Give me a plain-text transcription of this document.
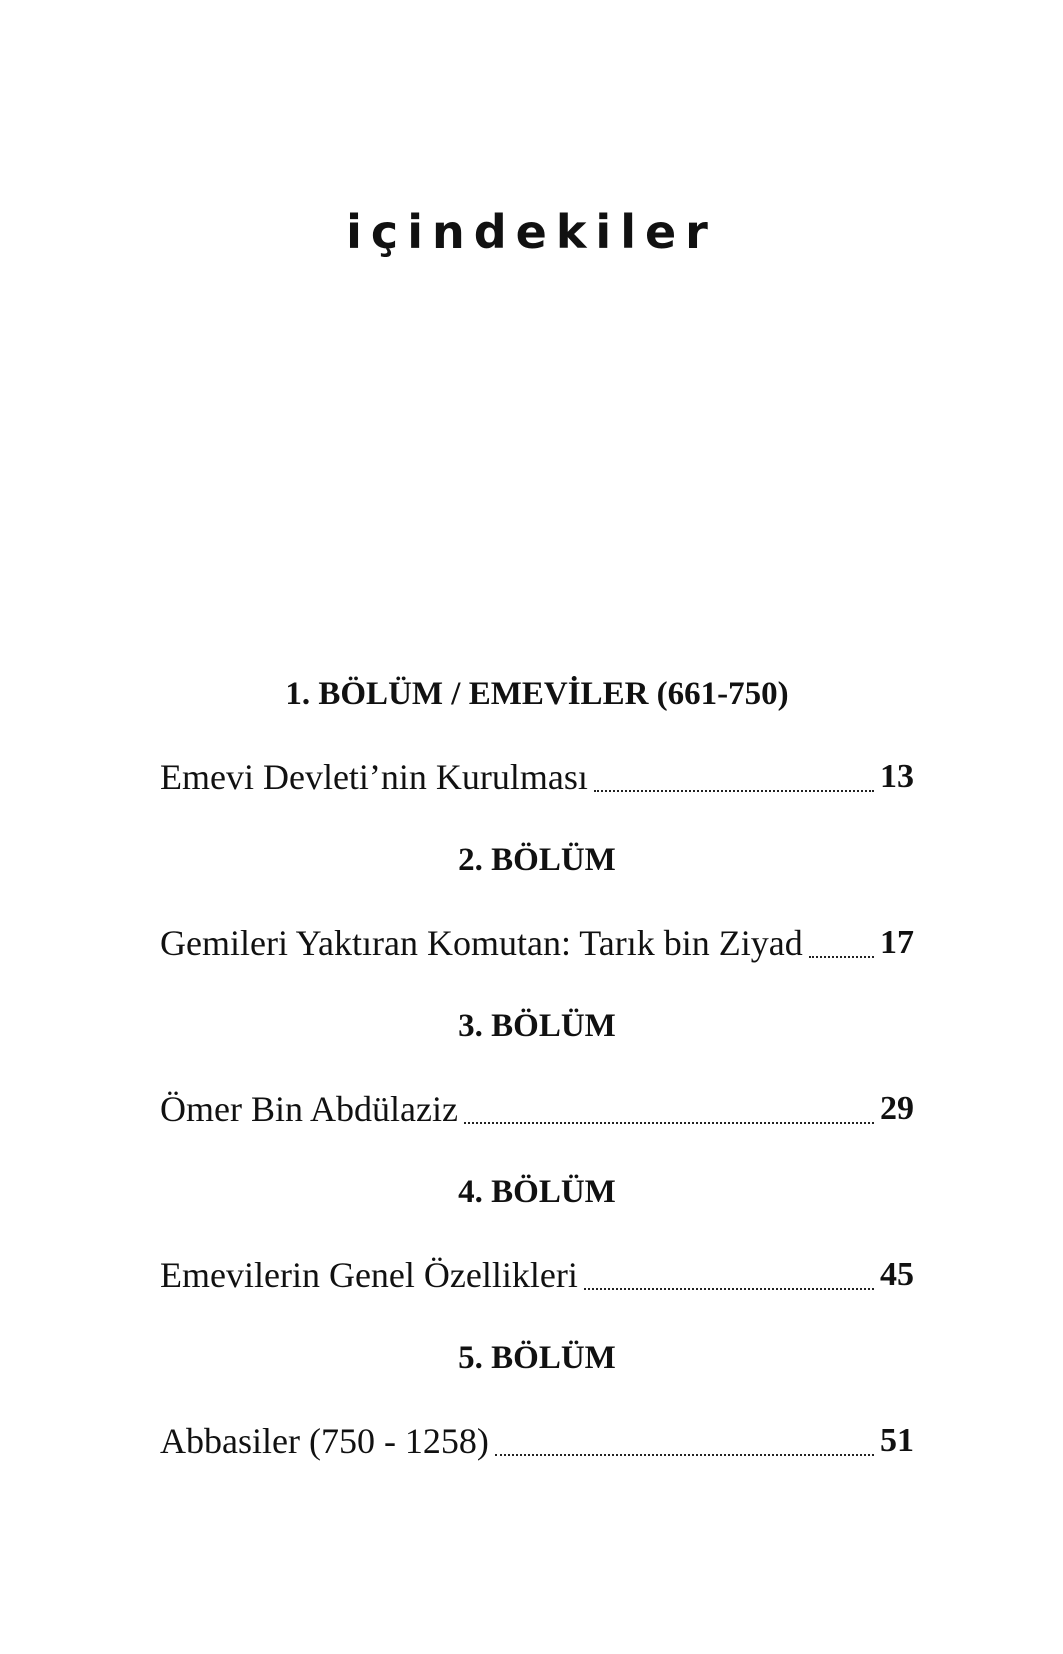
içindekiler
1. BÖLÜM / EMEVİLER (661-750)
Emevi Devleti’nin Kurulması	13
2. BÖLÜM
Gemileri Yaktıran Komutan: Tarık bin Ziyad 17
3. BÖLÜM
Ömer Bin Abdülaziz	29
4. BÖLÜM
Emevilerin Genel Özellikleri	45
5. BÖLÜM
Abbasiler (750 - 1258)	51
